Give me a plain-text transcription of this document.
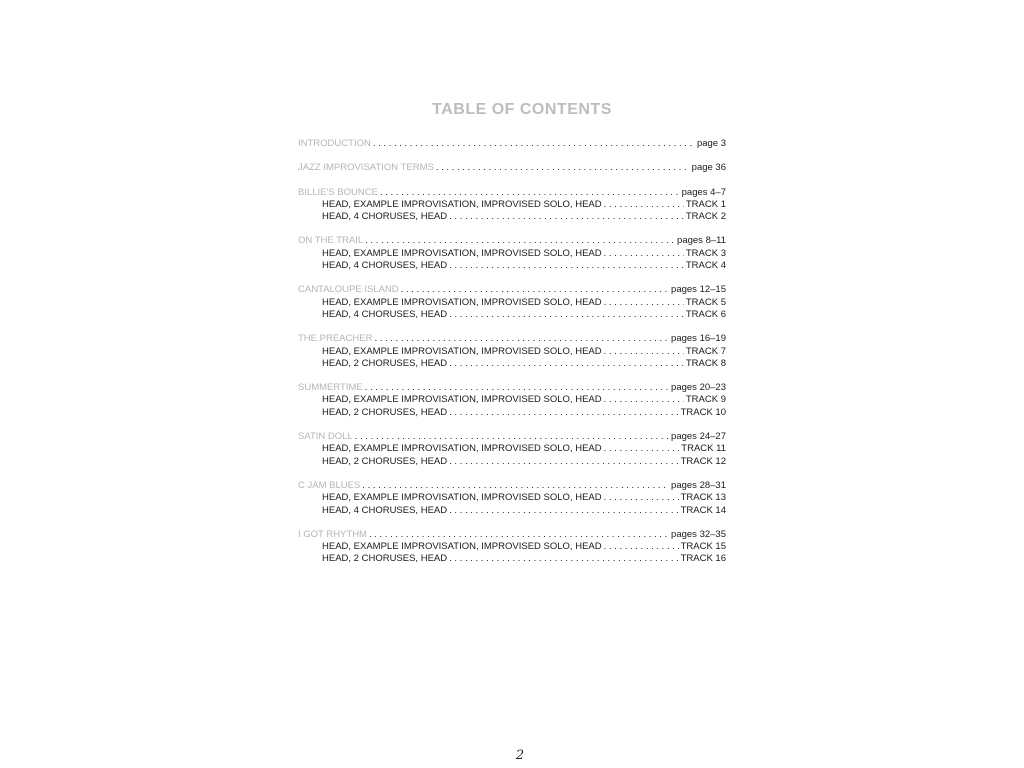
TABLE OF CONTENTS
INTRODUCTION . . .	page 3
JAZZ IMPROVISATION TERMS . . .	page 36
BILLIE'S BOUNCE . . .	pages 4–7
HEAD, EXAMPLE IMPROVISATION, IMPROVISED SOLO, HEAD . . .	TRACK 1
HEAD, 4 CHORUSES, HEAD . . .	TRACK 2
ON THE TRAIL . . .	pages 8–11
HEAD, EXAMPLE IMPROVISATION, IMPROVISED SOLO, HEAD . . .	TRACK 3
HEAD, 4 CHORUSES, HEAD . . .	TRACK 4
CANTALOUPE ISLAND . . .	pages 12–15
HEAD, EXAMPLE IMPROVISATION, IMPROVISED SOLO, HEAD . . .	TRACK 5
HEAD, 4 CHORUSES, HEAD . . .	TRACK 6
THE PREACHER . . .	pages 16–19
HEAD, EXAMPLE IMPROVISATION, IMPROVISED SOLO, HEAD . . .	TRACK 7
HEAD, 2 CHORUSES, HEAD . . .	TRACK 8
SUMMERTIME . . .	pages 20–23
HEAD, EXAMPLE IMPROVISATION, IMPROVISED SOLO, HEAD . . .	TRACK 9
HEAD, 2 CHORUSES, HEAD . . .	TRACK 10
SATIN DOLL . . .	pages 24–27
HEAD, EXAMPLE IMPROVISATION, IMPROVISED SOLO, HEAD . . .	TRACK 11
HEAD, 2 CHORUSES, HEAD . . .	TRACK 12
C JAM BLUES . . .	pages 28–31
HEAD, EXAMPLE IMPROVISATION, IMPROVISED SOLO, HEAD . . .	TRACK 13
HEAD, 4 CHORUSES, HEAD . . .	TRACK 14
I GOT RHYTHM . . .	pages 32–35
HEAD, EXAMPLE IMPROVISATION, IMPROVISED SOLO, HEAD . . .	TRACK 15
HEAD, 2 CHORUSES, HEAD . . .	TRACK 16
2
